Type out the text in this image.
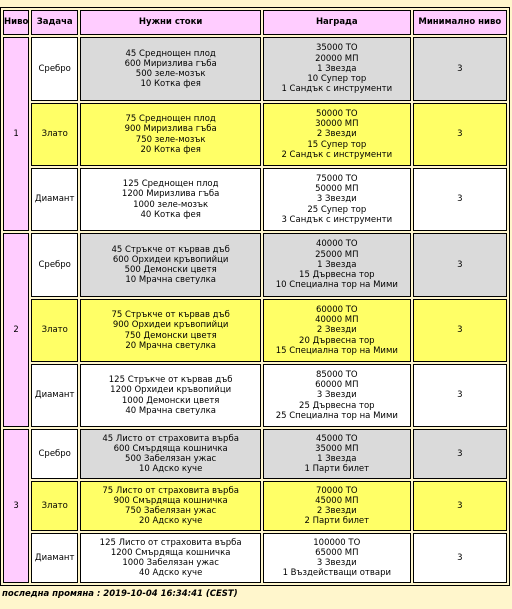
Ниво	Задача	Нужни стоки	Награда	Минимално ниво
1	Сребро	45 Среднощен плод
600 Миризлива гъба
500 зеле-мозък
10 Котка фея	35000 ТО
20000 МП
1 Звезда
10 Супер тор
1 Сандък с инструменти	3
	Злато	75 Среднощен плод
900 Миризлива гъба
750 зеле-мозък
20 Котка фея	50000 ТО
30000 МП
2 Звезди
15 Супер тор
2 Сандък с инструменти	3
	Диамант	125 Среднощен плод
1200 Миризлива гъба
1000 зеле-мозък
40 Котка фея	75000 ТО
50000 МП
3 Звезди
25 Супер тор
3 Сандък с инструменти	3
2	Сребро	45 Стръкче от кървав дъб
600 Орхидеи кръвопийци
500 Демонски цветя
10 Мрачна светулка	40000 ТО
25000 МП
1 Звезда
15 Дървесна тор
10 Специална тор на Мими	3
	Злато	75 Стръкче от кървав дъб
900 Орхидеи кръвопийци
750 Демонски цветя
20 Мрачна светулка	60000 ТО
40000 МП
2 Звезди
20 Дървесна тор
15 Специална тор на Мими	3
	Диамант	125 Стръкче от кървав дъб
1200 Орхидеи кръвопийци
1000 Демонски цветя
40 Мрачна светулка	85000 ТО
60000 МП
3 Звезди
25 Дървесна тор
25 Специална тор на Мими	3
3	Сребро	45 Листо от страховита върба
600 Смърдяща кошничка
500 Забелязан ужас
10 Адско куче	45000 ТО
35000 МП
1 Звезда
1 Парти билет	3
	Злато	75 Листо от страховита върба
900 Смърдяща кошничка
750 Забелязан ужас
20 Адско куче	70000 ТО
45000 МП
2 Звезди
2 Парти билет	3
	Диамант	125 Листо от страховита върба
1200 Смърдяща кошничка
1000 Забелязан ужас
40 Адско куче	100000 ТО
65000 МП
3 Звезди
1 Въздействащи отвари	3
последна промяна : 2019-10-04 16:34:41 (CEST)
